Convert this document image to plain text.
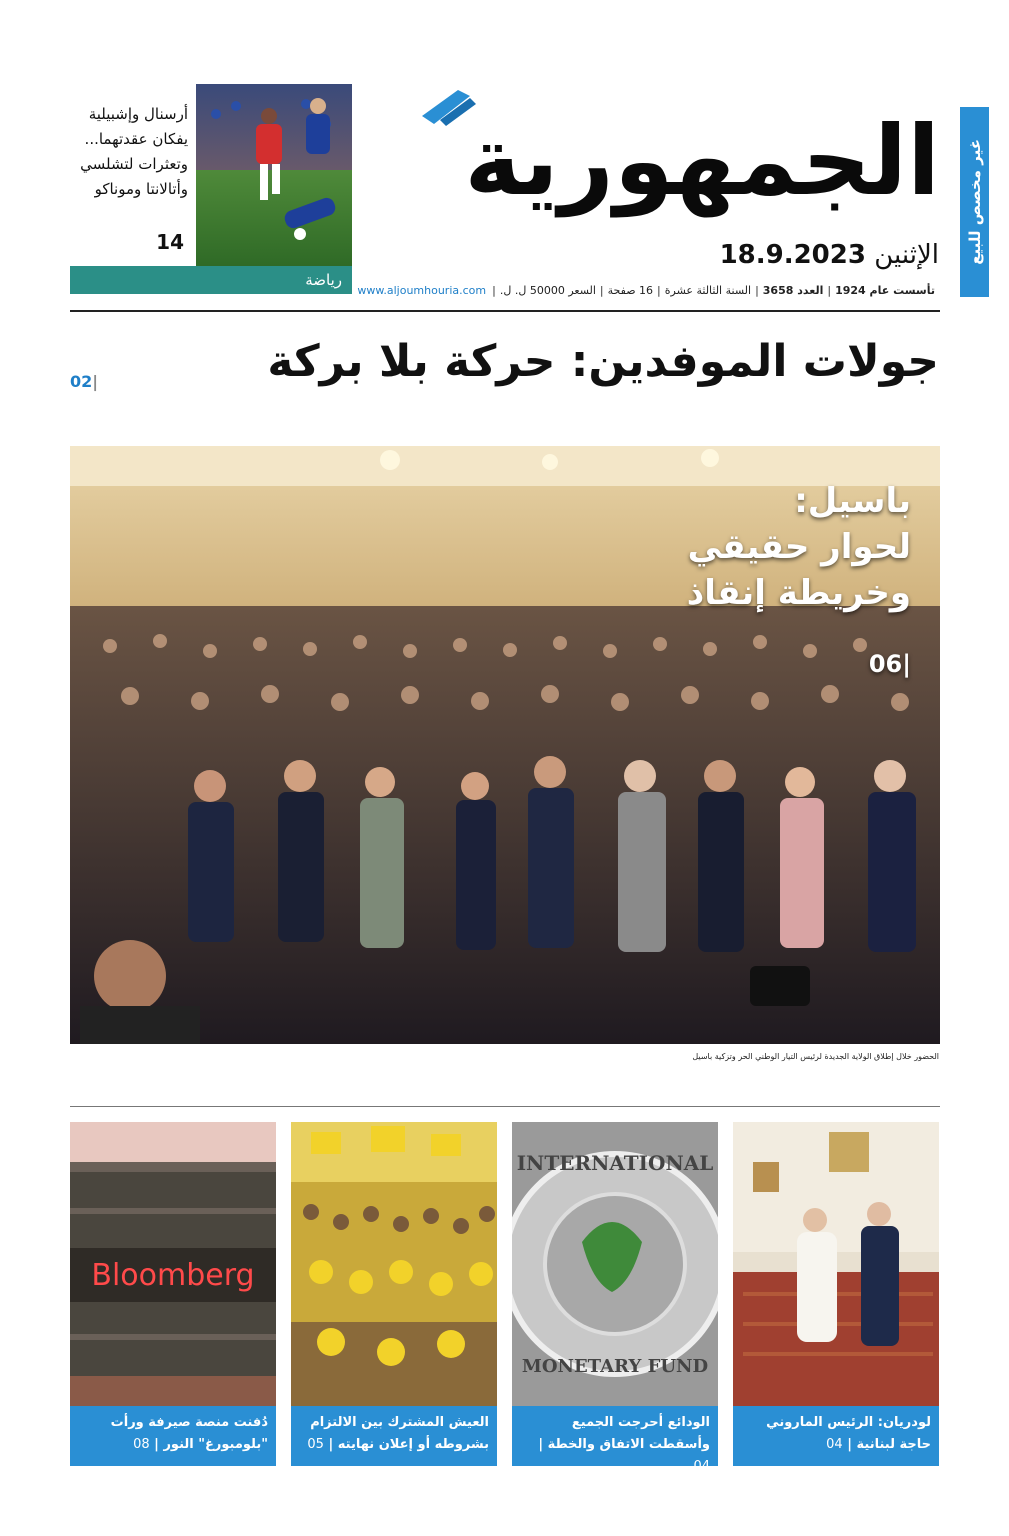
غير مخصص للبيع
الجمهورية
الإثنين 18.9.2023
تأسست عام 1924
|
العدد 3658
|
السنة الثالثة عشرة
|
16 صفحة
|
السعر 50000 ل. ل.
|
www.aljoumhouria.com
أرسنال وإشبيلية يفكان عقدتهما... وتعثرات لتشلسي وأتالانتا وموناكو
14
رياضة
جولات الموفدين: حركة بلا بركة
02|
باسيل:
لحوار حقيقي
وخريطة إنقاذ
06|
الحضور خلال إطلاق الولاية الجديدة لرئيس التيار الوطني الحر وتزكية باسيل
لودريان: الرئيس الماروني
حاجة لبنانية | 04
INTERNATIONAL
MONETARY FUND
الودائع أحرجت الجميع
وأسقطت الاتفاق والخطة | 04
العيش المشترك بين الالتزام
بشروطه أو إعلان نهايته | 05
Bloomberg
دُفنت منصة صيرفة ورأت
"بلومبورغ" النور | 08
